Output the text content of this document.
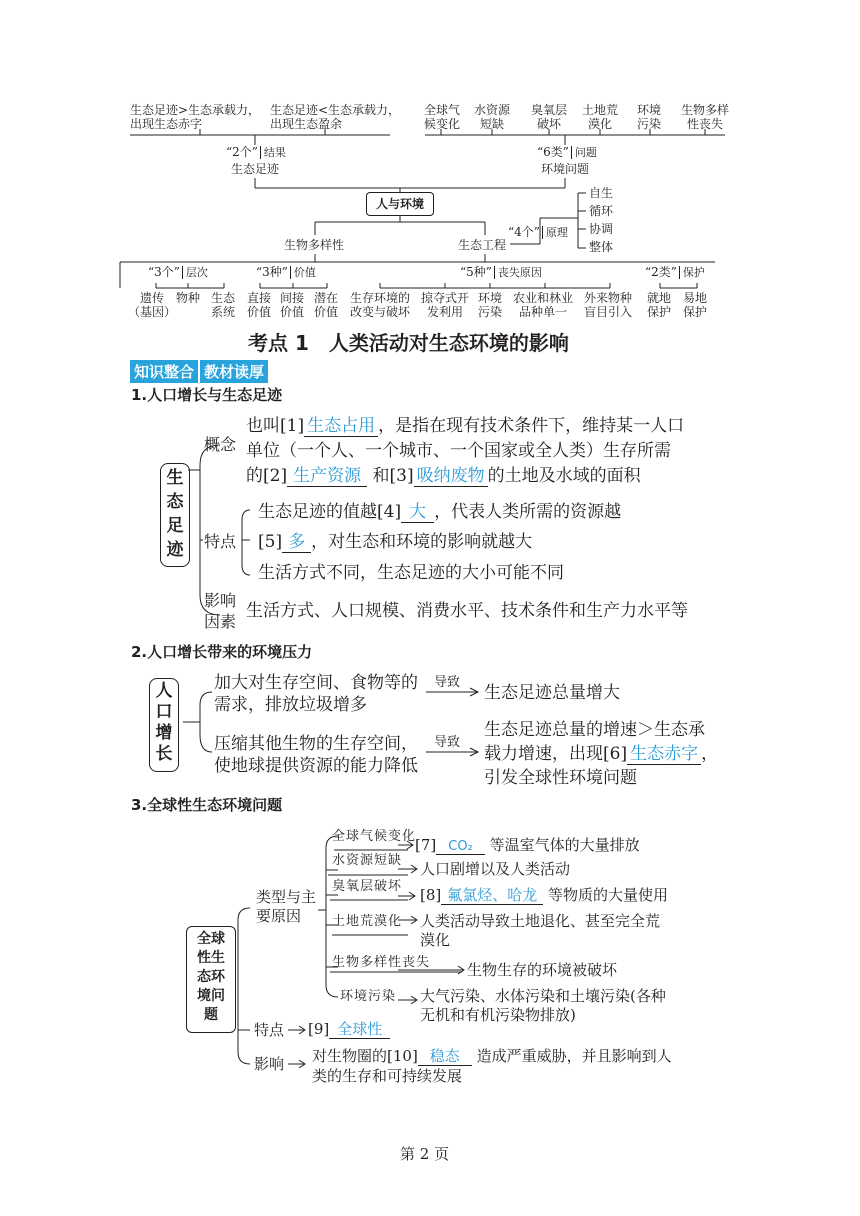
生态足迹>生态承载力，
出现生态赤字
生态足迹<生态承载力，
出现生态盈余
全球气
候变化
水资源
短缺
臭氧层
破坏
土地荒
漠化
环境
污染
生物多样
性丧失
“2个” 结果
生态足迹
“6类” 问题
环境问题
人与环境
自生
循环
协调
整体
“4个” 原理
生物多样性	生态工程
“3个” 层次	“3种” 价值	“5种” 丧失原因	“2类” 保护
遗传
（基因）
物种 生态
系统
直接
价值
间接
价值
潜在
价值
生存环境的
改变与破坏
掠夺式开
发利用
环境
污染
农业和林业
品种单一
外来物种
盲目引入
就地
保护
易地
保护
考点 1　人类活动对生态环境的影响
知识整合 教材读厚
1.人口增长与生态足迹
生
态
足
迹
概念
也叫[1] 生态占用 ，是指在现有技术条件下，维持某一人口
单位（一个人、一个城市、一个国家或全人类）生存所需
的[2] 生产资源 和[3] 吸纳废物 的土地及水域的面积
特点
生态足迹的值越[4] 大 ，代表人类所需的资源越
[5] 多 ，对生态和环境的影响就越大
生活方式不同，生态足迹的大小可能不同
影响
因素
生活方式、人口规模、消费水平、技术条件和生产力水平等
2.人口增长带来的环境压力
人
口
增
长
加大对生存空间、食物等的
需求，排放垃圾增多
导致
生态足迹总量增大
压缩其他生物的生存空间，
使地球提供资源的能力降低
导致
生态足迹总量的增速＞生态承
载力增速，出现[6] 生态赤字 ，
引发全球性环境问题
3.全球性生态环境问题
全球
性生
态环
境问
题
类型与主
要原因
全球气候变化
[7] CO₂ 等温室气体的大量排放
水资源短缺 人口剧增以及人类活动
臭氧层破坏 [8] 氟氯烃、哈龙 等物质的大量使用
土地荒漠化 人类活动导致土地退化、甚至完全荒
漠化
生物多样性丧失 生物生存的环境被破坏
环境污染 大气污染、水体污染和土壤污染(各种
无机和有机污染物排放)
特点 [9] 全球性
影响 对生物圈的[10] 稳态 造成严重威胁，并且影响到人
类的生存和可持续发展
第 2 页
